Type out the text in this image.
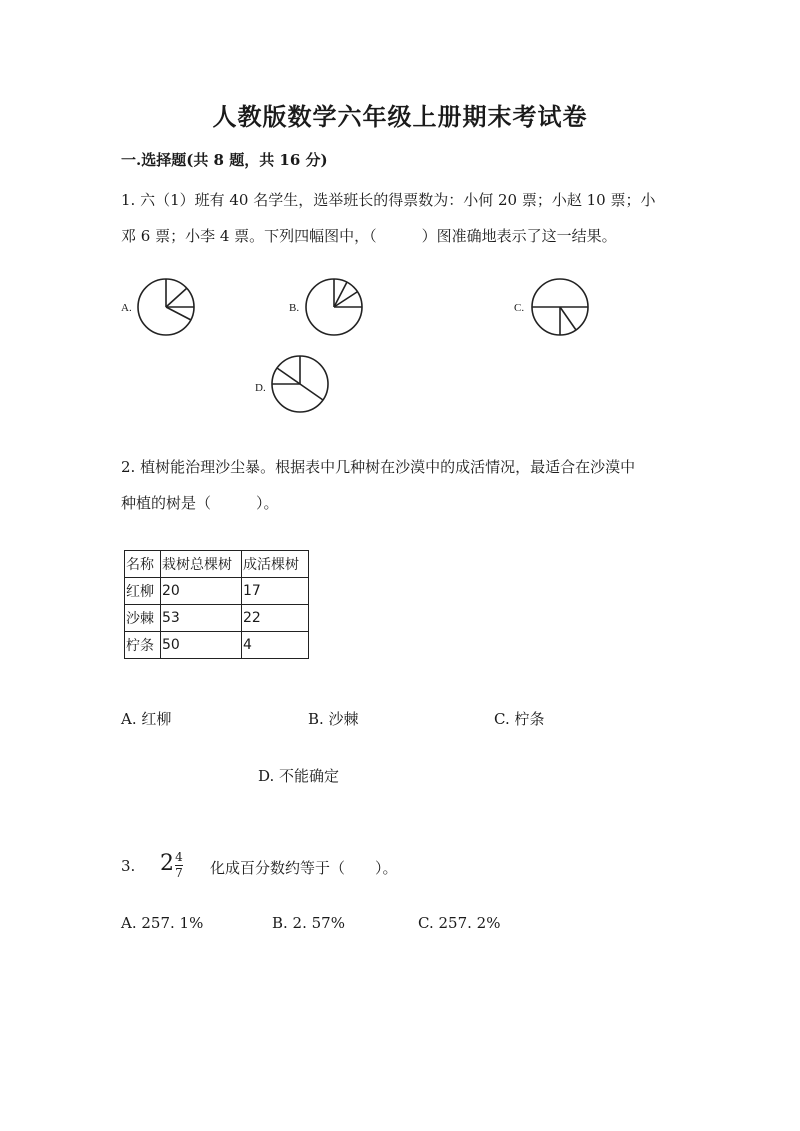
人教版数学六年级上册期末考试卷
一.选择题(共 8 题，共 16 分)
1. 六（1）班有 40 名学生，选举班长的得票数为：小何 20 票；小赵 10 票；小
邓 6 票；小李 4 票。下列四幅图中，（　　　）图准确地表示了这一结果。
A.	B.	C.
D.
2. 植树能治理沙尘暴。根据表中几种树在沙漠中的成活情况，最适合在沙漠中
种植的树是（　　　）。
名称	栽树总棵树	成活棵树
红柳	20	17
沙棘	53	22
柠条	50	4
A. 红柳	B. 沙棘	C. 柠条
D. 不能确定
3. 2 4
7 化成百分数约等于（　　）。
A. 257. 1%	B. 2. 57%	C. 257. 2%
